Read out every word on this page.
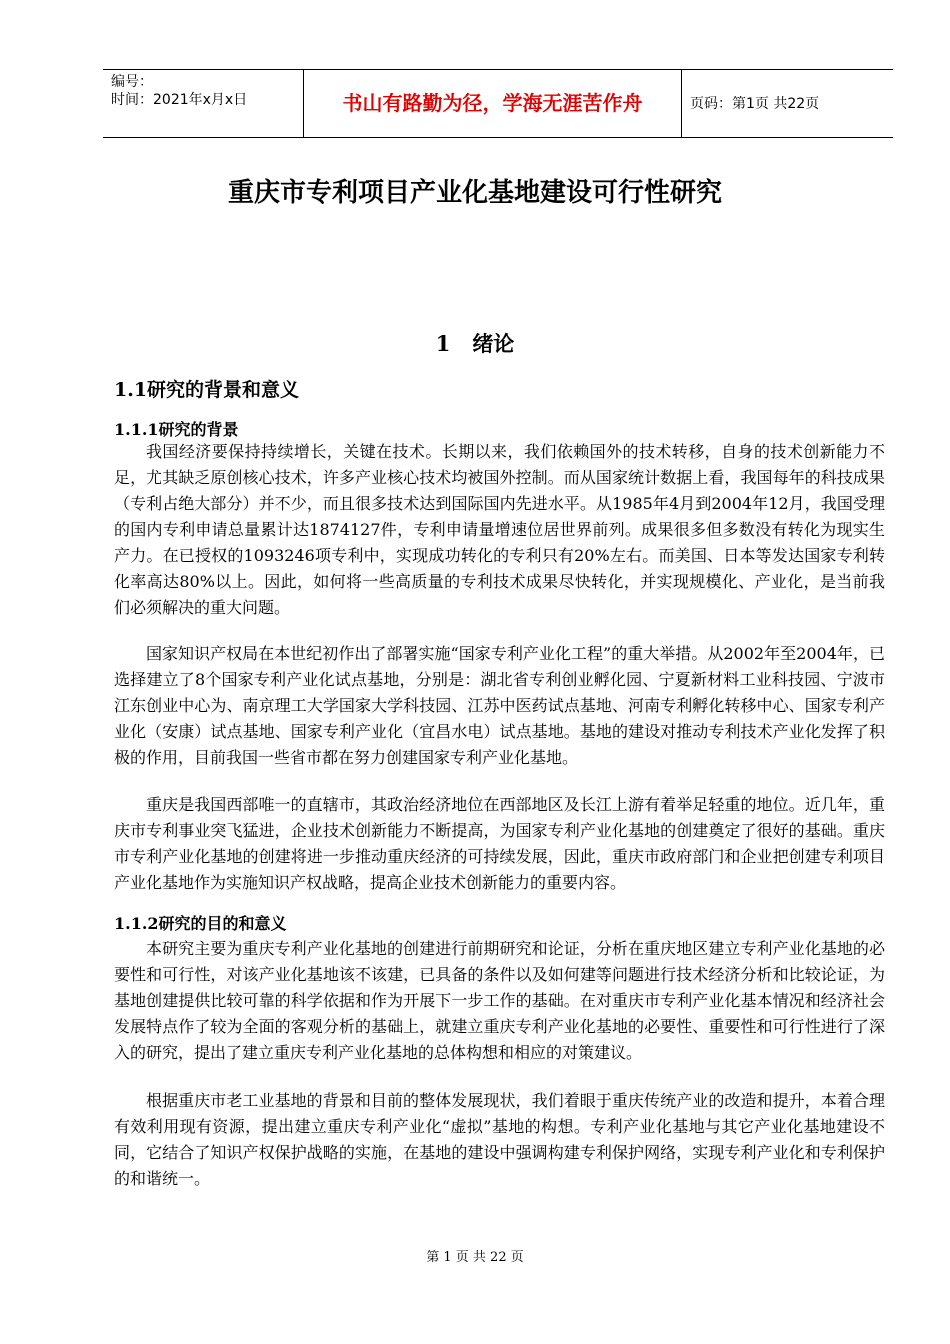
编号：
时间：2021年x月x日	书山有路勤为径，学海无涯苦作舟	页码：第1页 共22页
重庆市专利项目产业化基地建设可行性研究
1 绪论
1.1研究的背景和意义
1.1.1研究的背景

我国经济要保持持续增长，关键在技术。长期以来，我们依赖国外的技术转移，自身的技术创新能力不足，尤其缺乏原创核心技术，许多产业核心技术均被国外控制。而从国家统计数据上看，我国每年的科技成果（专利占绝大部分）并不少，而且很多技术达到国际国内先进水平。从1985年4月到2004年12月，我国受理的国内专利申请总量累计达1874127件，专利申请量增速位居世界前列。成果很多但多数没有转化为现实生产力。在已授权的1093246项专利中，实现成功转化的专利只有20%左右。而美国、日本等发达国家专利转化率高达80%以上。因此，如何将一些高质量的专利技术成果尽快转化，并实现规模化、产业化，是当前我们必须解决的重大问题。

国家知识产权局在本世纪初作出了部署实施“国家专利产业化工程”的重大举措。从2002年至2004年，已选择建立了8个国家专利产业化试点基地，分别是：湖北省专利创业孵化园、宁夏新材料工业科技园、宁波市江东创业中心为、南京理工大学国家大学科技园、江苏中医药试点基地、河南专利孵化转移中心、国家专利产业化（安康）试点基地、国家专利产业化（宜昌水电）试点基地。基地的建设对推动专利技术产业化发挥了积极的作用，目前我国一些省市都在努力创建国家专利产业化基地。

重庆是我国西部唯一的直辖市，其政治经济地位在西部地区及长江上游有着举足轻重的地位。近几年，重庆市专利事业突飞猛进，企业技术创新能力不断提高，为国家专利产业化基地的创建奠定了很好的基础。重庆市专利产业化基地的创建将进一步推动重庆经济的可持续发展，因此，重庆市政府部门和企业把创建专利项目产业化基地作为实施知识产权战略，提高企业技术创新能力的重要内容。

1.1.2研究的目的和意义

本研究主要为重庆专利产业化基地的创建进行前期研究和论证，分析在重庆地区建立专利产业化基地的必要性和可行性，对该产业化基地该不该建，已具备的条件以及如何建等问题进行技术经济分析和比较论证，为基地创建提供比较可靠的科学依据和作为开展下一步工作的基础。在对重庆市专利产业化基本情况和经济社会发展特点作了较为全面的客观分析的基础上，就建立重庆专利产业化基地的必要性、重要性和可行性进行了深入的研究，提出了建立重庆专利产业化基地的总体构想和相应的对策建议。

根据重庆市老工业基地的背景和目前的整体发展现状，我们着眼于重庆传统产业的改造和提升，本着合理有效利用现有资源，提出建立重庆专利产业化“虚拟”基地的构想。专利产业化基地与其它产业化基地建设不同，它结合了知识产权保护战略的实施，在基地的建设中强调构建专利保护网络，实现专利产业化和专利保护的和谐统一。

第 1 页 共 22 页
